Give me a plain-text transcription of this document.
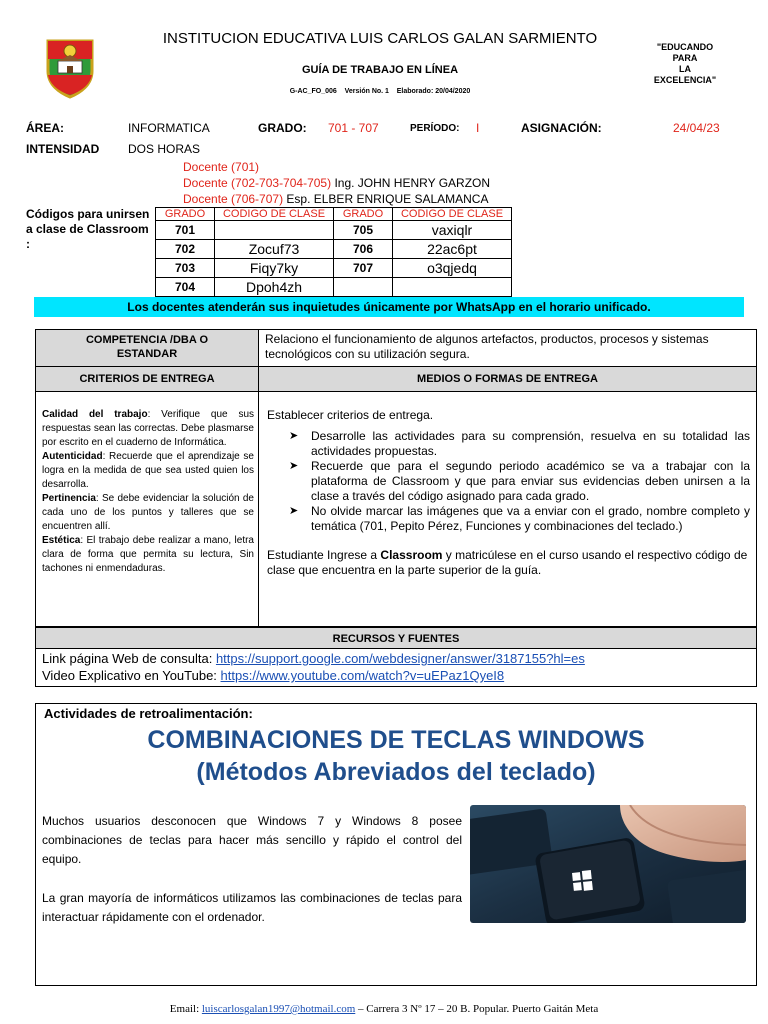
INSTITUCION EDUCATIVA LUIS CARLOS GALAN SARMIENTO
GUÍA DE TRABAJO EN LÍNEA
G-AC_FO_006 Versión No. 1 Elaborado: 20/04/2020
"EDUCANDO
PARA
LA
EXCELENCIA"
ÁREA:	INFORMATICA	GRADO: 701 - 707	PERÍODO: I	ASIGNACIÓN:	24/04/23
INTENSIDAD DOS HORAS
Docente (701)
Docente (702-703-704-705) Ing. JOHN HENRY GARZON
Docente (706-707) Esp. ELBER ENRIQUE SALAMANCA
Códigos para unirsen a clase de Classroom :
GRADO	CODIGO DE CLASE	GRADO	CODIGO DE CLASE
701		705	vaxiqlr
702	Zocuf73	706	22ac6pt
703	Fiqy7ky	707	o3qjedq
704	Dpoh4zh		
Los docentes atenderán sus inquietudes únicamente por WhatsApp en el horario unificado.
COMPETENCIA /DBA O ESTANDAR
Relaciono el funcionamiento de algunos artefactos, productos, procesos y sistemas tecnológicos con su utilización segura.
CRITERIOS DE ENTREGA	MEDIOS O FORMAS DE ENTREGA
Calidad del trabajo: Verifique que sus respuestas sean las correctas. Debe plasmarse por escrito en el cuaderno de Informática.
Autenticidad: Recuerde que el aprendizaje se logra en la medida de que sea usted quien los desarrolla.
Pertinencia: Se debe evidenciar la solución de cada uno de los puntos y talleres que se encuentren allí.
Estética: El trabajo debe realizar a mano, letra clara de forma que permita su lectura, Sin tachones ni enmendaduras.
Establecer criterios de entrega.
➤ Desarrolle las actividades para su comprensión, resuelva en su totalidad las actividades propuestas.
➤ Recuerde que para el segundo periodo académico se va a trabajar con la plataforma de Classroom y que para enviar sus evidencias deben unirsen a la clase a través del código asignado para cada grado.
➤ No olvide marcar las imágenes que va a enviar con el grado, nombre completo y temática (701, Pepito Pérez, Funciones y combinaciones del teclado.)
Estudiante Ingrese a Classroom y matricúlese en el curso usando el respectivo código de clase que encuentra en la parte superior de la guía.
RECURSOS Y FUENTES
Link página Web de consulta: https://support.google.com/webdesigner/answer/3187155?hl=es
Video Explicativo en YouTube: https://www.youtube.com/watch?v=uEPaz1QyeI8
Actividades de retroalimentación:
COMBINACIONES DE TECLAS WINDOWS
(Métodos Abreviados del teclado)
Muchos usuarios desconocen que Windows 7 y Windows 8 posee combinaciones de teclas para hacer más sencillo y rápido el control del equipo.
La gran mayoría de informáticos utilizamos las combinaciones de teclas para interactuar rápidamente con el ordenador.
Email: luiscarlosgalan1997@hotmail.com – Carrera 3 Nº 17 – 20 B. Popular. Puerto Gaitán Meta
